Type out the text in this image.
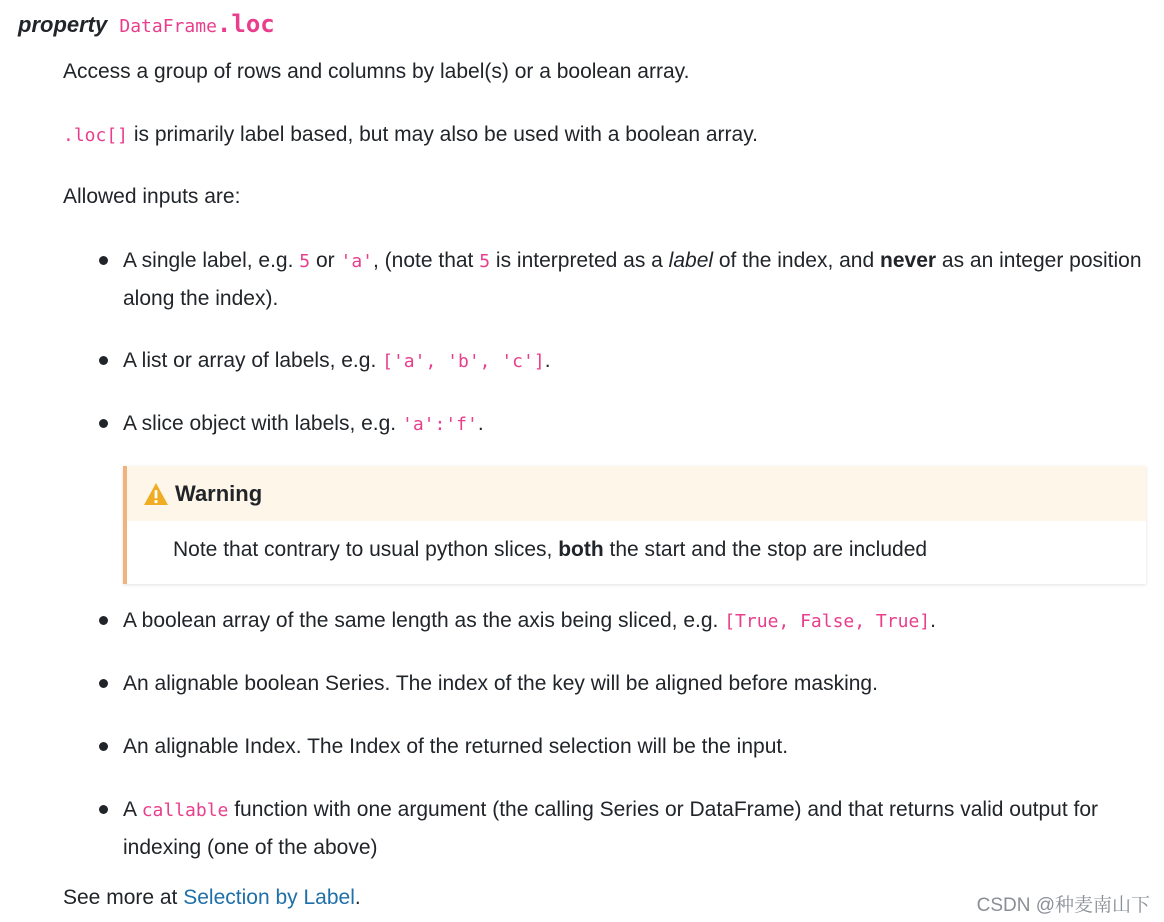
property DataFrame.loc
Access a group of rows and columns by label(s) or a boolean array.
.loc[] is primarily label based, but may also be used with a boolean array.
Allowed inputs are:
A single label, e.g. 5 or 'a', (note that 5 is interpreted as a label of the index, and never as an integer position along the index).
A list or array of labels, e.g. ['a', 'b', 'c'].
A slice object with labels, e.g. 'a':'f'.
Warning
Note that contrary to usual python slices, both the start and the stop are included
A boolean array of the same length as the axis being sliced, e.g. [True, False, True].
An alignable boolean Series. The index of the key will be aligned before masking.
An alignable Index. The Index of the returned selection will be the input.
A callable function with one argument (the calling Series or DataFrame) and that returns valid output for indexing (one of the above)
See more at Selection by Label.	CSDN @种麦南山下
